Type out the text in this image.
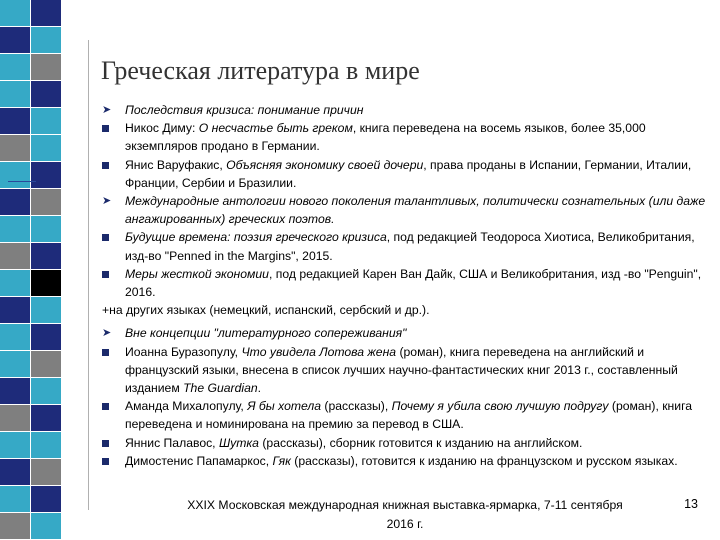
Греческая литература в мире
➤ Последствия кризиса: понимание причин
Никос Диму: О несчастье быть греком, книга переведена на восемь языков, более 35,000 экземпляров продано в Германии.
Янис Варуфакис, Объясняя экономику своей дочери, права проданы в Испании, Германии, Италии, Франции, Сербии и Бразилии.
➤ Международные антологии нового поколения талантливых, политически сознательных (или даже ангажированных) греческих поэтов.
Будущие времена: поэзия греческого кризиса, под редакцией Теодороса Хиотиса, Великобритания, изд-во "Penned in the Margins", 2015.
Меры жесткой экономии, под редакцией Карен Ван Дайк, США и Великобритания, изд -во "Penguin", 2016.
+на других языках (немецкий, испанский, сербский и др.).
➤ Вне концепции "литературного сопереживания"
Иоанна Буразопулу, Что увидела Лотова жена (роман), книга переведена на английский и французский языки, внесена в список лучших научно-фантастических книг 2013 г., составленный изданием The Guardian.
Аманда Михалопулу, Я бы хотела (рассказы), Почему я убила свою лучшую подругу (роман), книга переведена и номинирована на премию за перевод в США.
Яннис Палавос, Шутка (рассказы), сборник готовится к изданию на английском.
Димостенис Папамаркос, Гяк (рассказы), готовится к изданию на французском и русском языках.
XXIX Московская международная книжная выставка-ярмарка, 7-11 сентября
2016 г.
13
